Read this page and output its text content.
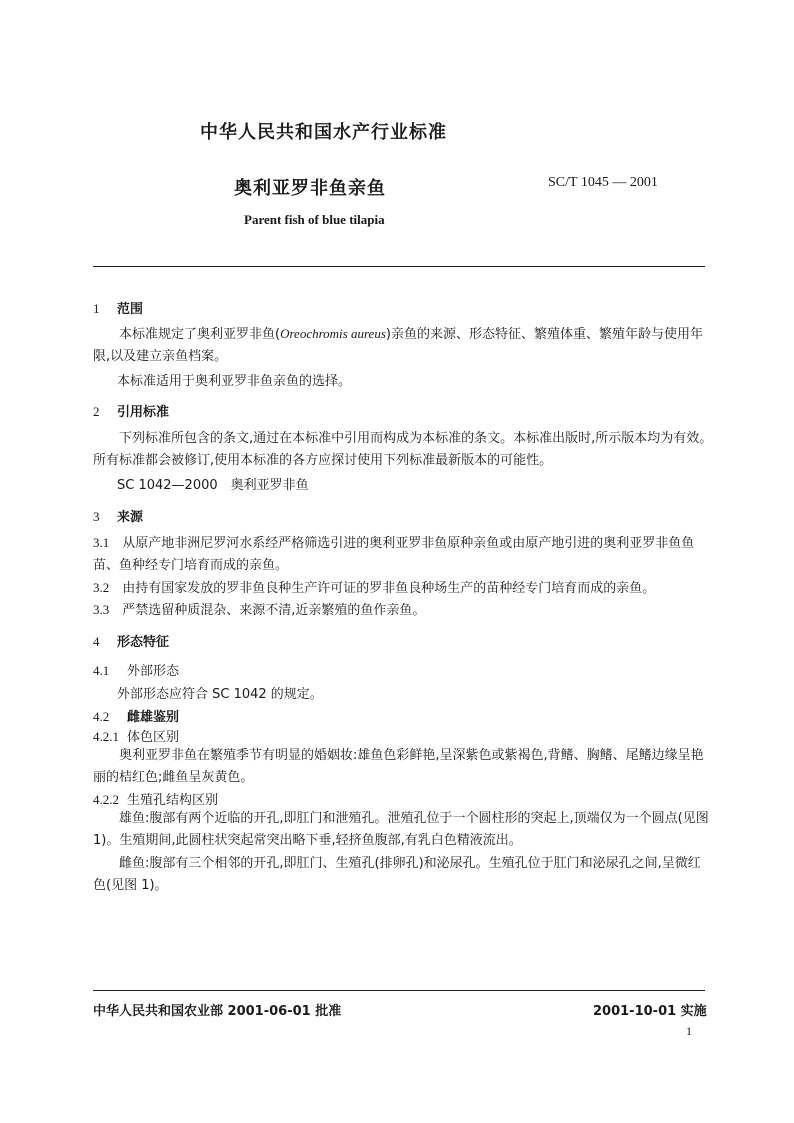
中华人民共和国水产行业标准
奥利亚罗非鱼亲鱼	SC/T 1045 — 2001
Parent fish of blue tilapia
1 范围
本标准规定了奥利亚罗非鱼(Oreochromis aureus)亲鱼的来源、形态特征、繁殖体重、繁殖年龄与使用年限,以及建立亲鱼档案。
本标准适用于奥利亚罗非鱼亲鱼的选择。
2 引用标准
下列标准所包含的条文,通过在本标准中引用而构成为本标准的条文。本标准出版时,所示版本均为有效。所有标准都会被修订,使用本标准的各方应探讨使用下列标准最新版本的可能性。
SC 1042—2000　奥利亚罗非鱼
3 来源
3.1　 从原产地非洲尼罗河水系经严格筛选引进的奥利亚罗非鱼原种亲鱼或由原产地引进的奥利亚罗非鱼鱼苗、鱼种经专门培育而成的亲鱼。
3.2　 由持有国家发放的罗非鱼良种生产许可证的罗非鱼良种场生产的苗种经专门培育而成的亲鱼。
3.3　 严禁选留种质混杂、来源不清,近亲繁殖的鱼作亲鱼。
4 形态特征
4.1 外部形态
外部形态应符合 SC 1042 的规定。
4.2 雌雄鉴别
4.2.1 体色区别
奥利亚罗非鱼在繁殖季节有明显的婚姻妆:雄鱼色彩鲜艳,呈深紫色或紫褐色,背鳍、胸鳍、尾鳍边缘呈艳丽的桔红色;雌鱼呈灰黄色。
4.2.2 生殖孔结构区别
雄鱼:腹部有两个近临的开孔,即肛门和泄殖孔。泄殖孔位于一个圆柱形的突起上,顶端仅为一个圆点(见图 1)。生殖期间,此圆柱状突起常突出略下垂,轻挤鱼腹部,有乳白色精液流出。
雌鱼:腹部有三个相邻的开孔,即肛门、生殖孔(排卵孔)和泌尿孔。生殖孔位于肛门和泌尿孔之间,呈微红色(见图 1)。
中华人民共和国农业部 2001-06-01 批准	2001-10-01 实施
1
